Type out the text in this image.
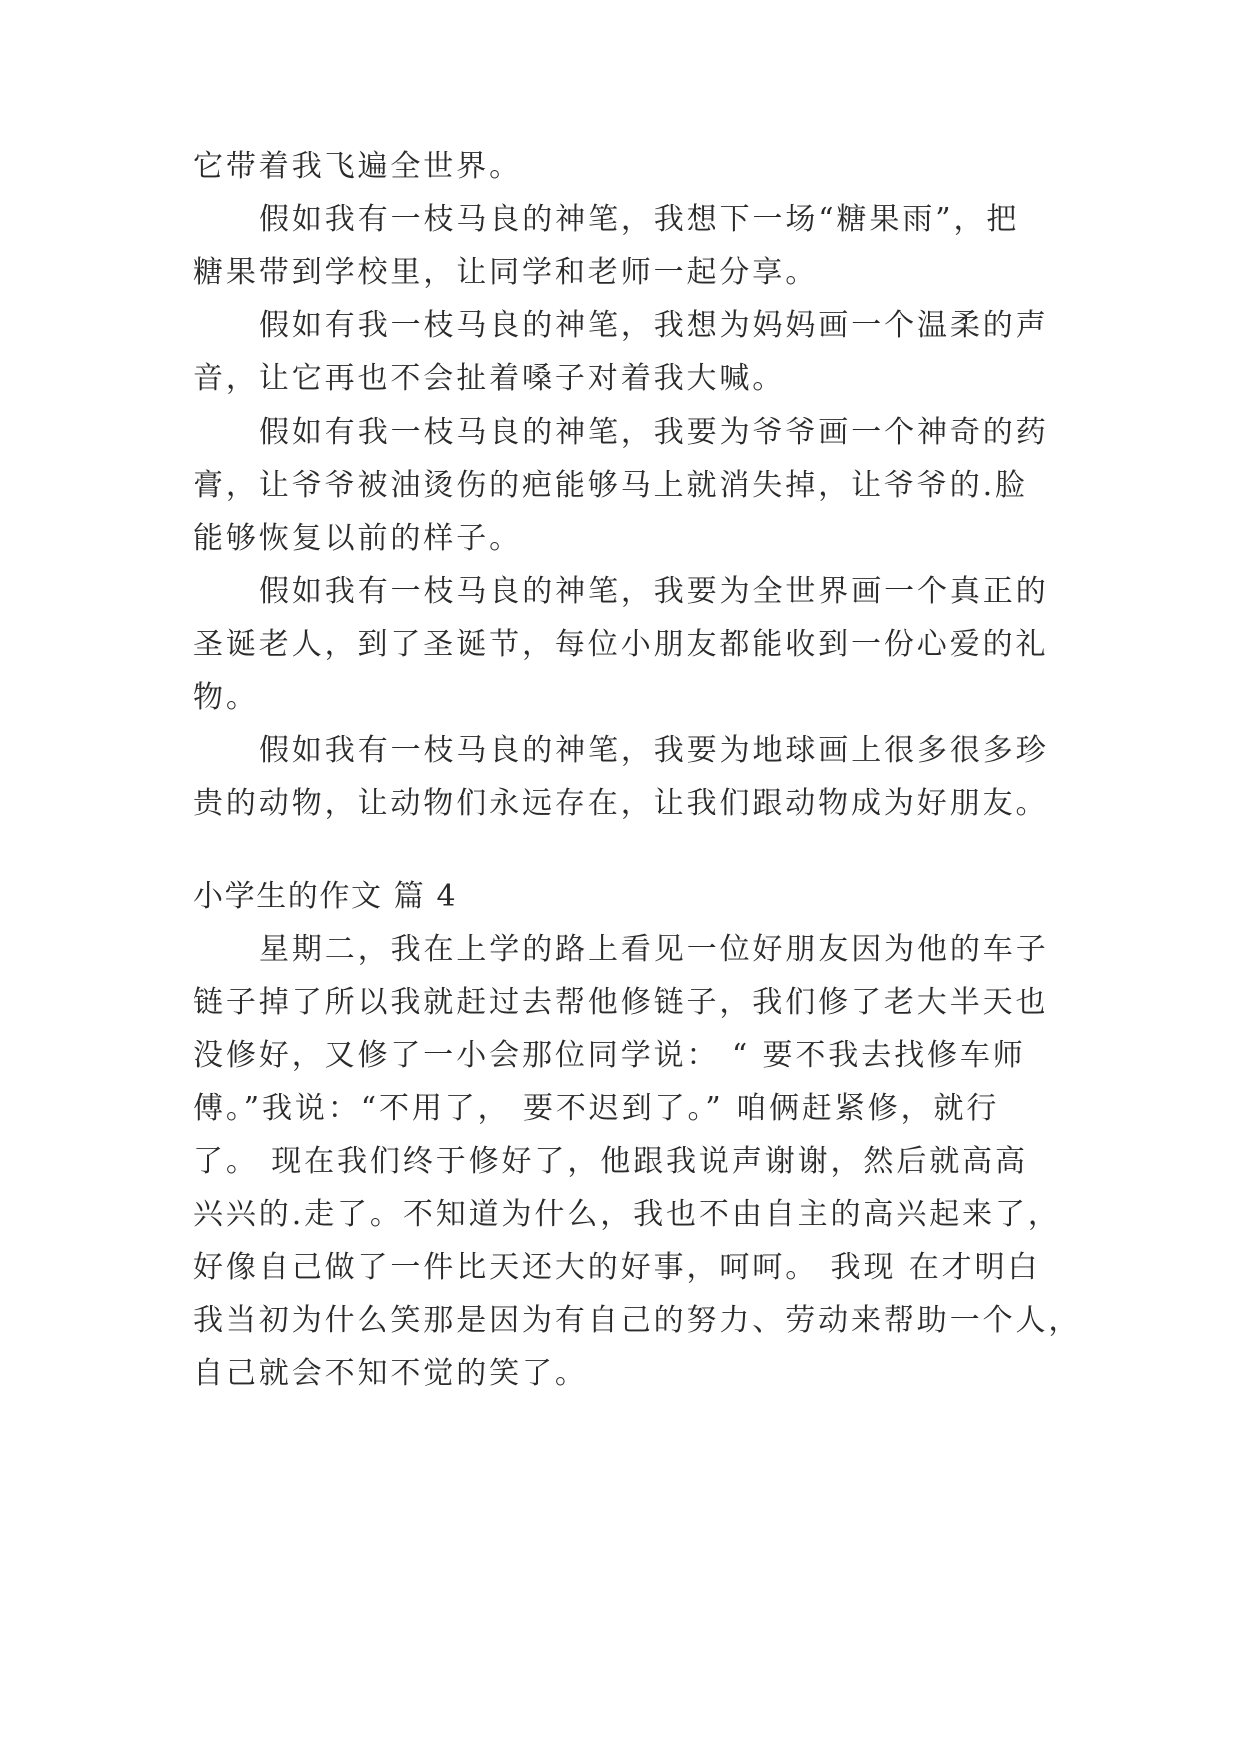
它带着我飞遍全世界。
假如我有一枝马良的神笔，我想下一场“糖果雨”，把
糖果带到学校里，让同学和老师一起分享。
假如有我一枝马良的神笔，我想为妈妈画一个温柔的声
音，让它再也不会扯着嗓子对着我大喊。
假如有我一枝马良的神笔，我要为爷爷画一个神奇的药
膏，让爷爷被油烫伤的疤能够马上就消失掉，让爷爷的.脸
能够恢复以前的样子。
假如我有一枝马良的神笔，我要为全世界画一个真正的
圣诞老人，到了圣诞节，每位小朋友都能收到一份心爱的礼
物。
假如我有一枝马良的神笔，我要为地球画上很多很多珍
贵的动物，让动物们永远存在，让我们跟动物成为好朋友。
小学生的作文 篇 4
星期二，我在上学的路上看见一位好朋友因为他的车子
链子掉了所以我就赶过去帮他修链子，我们修了老大半天也
没修好，又修了一小会那位同学说： “ 要不我去找修车师
傅。”我说：“不用了， 要不迟到了。” 咱俩赶紧修，就行
了。 现在我们终于修好了，他跟我说声谢谢，然后就高高
兴兴的.走了。不知道为什么，我也不由自主的高兴起来了，
好像自己做了一件比天还大的好事，呵呵。 我现 在才明白
我当初为什么笑那是因为有自己的努力、劳动来帮助一个人，
自己就会不知不觉的笑了。
